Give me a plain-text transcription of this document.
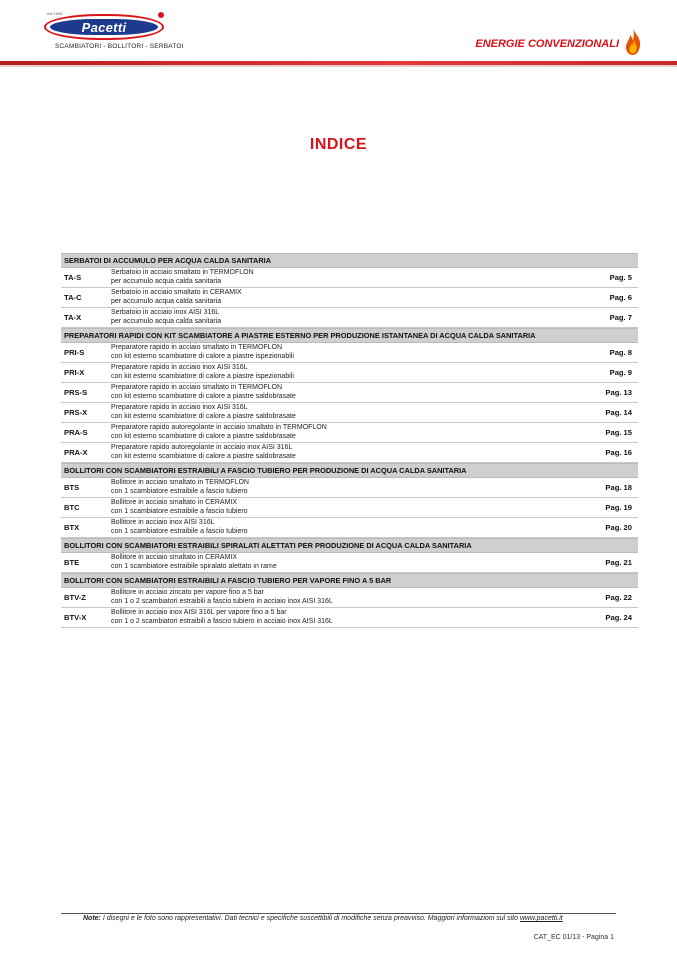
dal 1968
Pacetti
SCAMBIATORI - BOLLITORI - SERBATOI	ENERGIE CONVENZIONALI
INDICE
SERBATOI DI ACCUMULO PER ACQUA CALDA SANITARIA
TA-S
Serbatoio in acciaio smaltato in TERMOFLON
per accumulo acqua calda sanitaria	Pag. 5
TA-C
Serbatoio in acciaio smaltato in CERAMIX
per accumulo acqua calda sanitaria	Pag. 6
TA-X
Serbatoio in acciaio inox AISI 316L
per accumulo acqua calda sanitaria	Pag. 7
PREPARATORI RAPIDI CON KIT SCAMBIATORE A PIASTRE ESTERNO PER PRODUZIONE ISTANTANEA DI ACQUA CALDA SANITARIA
PRI-S
Preparatore rapido in acciaio smaltato in TERMOFLON
con kit esterno scambiatore di calore a piastre ispezionabili	Pag. 8
PRI-X
Preparatore rapido in acciaio inox AISI 316L
con kit esterno scambiatore di calore a piastre ispezionabili	Pag. 9
PRS-S
Preparatore rapido in acciaio smaltato in TERMOFLON
con kit esterno scambiatore di calore a piastre saldobrasate	Pag. 13
PRS-X
Preparatore rapido in acciaio inox AISI 316L
con kit esterno scambiatore di calore a piastre saldobrasate	Pag. 14
PRA-S
Preparatore rapido autoregolante in acciaio smaltato in TERMOFLON
con kit esterno scambiatore di calore a piastre saldobrasate	Pag. 15
PRA-X
Preparatore rapido autoregolante in acciaio inox AISI 316L
con kit esterno scambiatore di calore a piastre saldobrasate	Pag. 16
BOLLITORI CON SCAMBIATORI ESTRAIBILI A FASCIO TUBIERO PER PRODUZIONE DI ACQUA CALDA SANITARIA
BTS
Bollitore in acciaio smaltato in TERMOFLON
con 1 scambiatore estraibile a fascio tubiero	Pag. 18
BTC
Bollitore in acciaio smaltato in CERAMIX
con 1 scambiatore estraibile a fascio tubiero	Pag. 19
BTX
Bollitore in acciaio inox AISI 316L
con 1 scambiatore estraibile a fascio tubiero	Pag. 20
BOLLITORI CON SCAMBIATORI ESTRAIBILI SPIRALATI ALETTATI PER PRODUZIONE DI ACQUA CALDA SANITARIA
BTE
Bollitore in acciaio smaltato in CERAMIX
con 1 scambiatore estraibile spiralato alettato in rame	Pag. 21
BOLLITORI CON SCAMBIATORI ESTRAIBILI A FASCIO TUBIERO PER VAPORE FINO A 5 BAR
BTV-Z
Bollitore in acciaio zincato per vapore fino a 5 bar
con 1 o 2 scambiatori estraibili a fascio tubiero in acciaio inox AISI 316L	Pag. 22
BTV-X
Bollitore in acciaio inox AISI 316L per vapore fino a 5 bar
con 1 o 2 scambiatori estraibili a fascio tubiero in acciaio inox AISI 316L	Pag. 24
Note: I disegni e le foto sono rappresentativi. Dati tecnici e specifiche suscettibili di modifiche senza preavviso. Maggiori informazioni sul sito www.pacetti.it
CAT_EC 01/13 - Pagina 1
